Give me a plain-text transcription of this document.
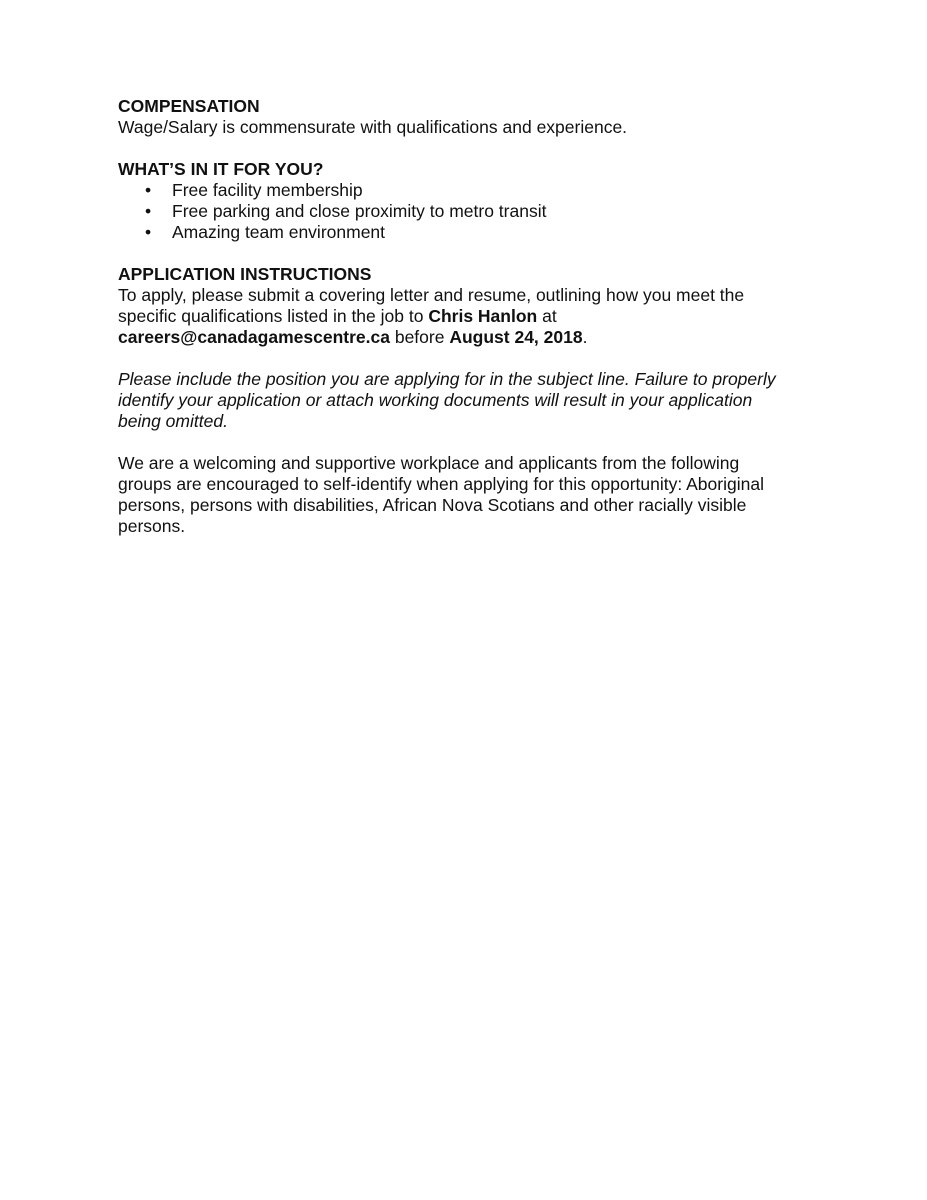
COMPENSATION

Wage/Salary is commensurate with qualifications and experience.

WHAT’S IN IT FOR YOU?

• Free facility membership
• Free parking and close proximity to metro transit
• Amazing team environment

APPLICATION INSTRUCTIONS

To apply, please submit a covering letter and resume, outlining how you meet the

specific qualifications listed in the job to Chris Hanlon at

careers@canadagamescentre.ca before August 24, 2018.

Please include the position you are applying for in the subject line. Failure to properly

identify your application or attach working documents will result in your application

being omitted.

We are a welcoming and supportive workplace and applicants from the following

groups are encouraged to self-identify when applying for this opportunity: Aboriginal

persons, persons with disabilities, African Nova Scotians and other racially visible

persons.
